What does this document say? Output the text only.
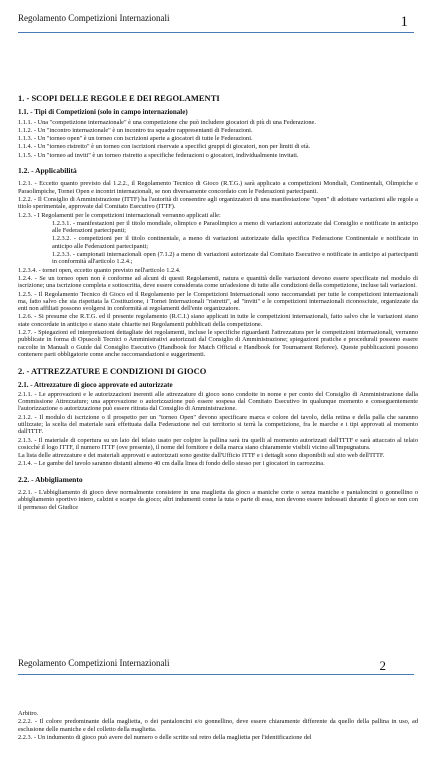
Regolamento Competizioni Internazionali	1
1. - SCOPI DELLE REGOLE E DEI REGOLAMENTI
1.1. - Tipi di Competizioni (solo in campo internazionale)

1.1.1. - Una "competizione internazionale" è una competizione che può includere giocatori di più di una Federazione.

1.1.2. - Un "incontro internazionale" è un incontro tra squadre rappresentanti di Federazioni.

1.1.3. - Un "torneo open" è un torneo con iscrizioni aperte a giocatori di tutte le Federazioni.

1.1.4. - Un "torneo ristretto" è un torneo con iscrizioni riservate a specifici gruppi di giocatori, non per limiti di età.

1.1.5. - Un "torneo ad inviti" è un torneo ristretto a specifiche federazioni o giocatori, individualmente invitati.

1.2. - Applicabilità

1.2.1. - Eccetto quanto previsto dal 1.2.2., il Regolamento Tecnico di Gioco (R.T.G.) sarà applicato a competizioni Mondiali, Continentali, Olimpiche e Paraolimpiche, Tornei Open e incontri internazionali, se non diversamente concordato con le Federazioni partecipanti.

1.2.2. - Il Consiglio di Amministrazione (ITTF) ha l'autorità di consentire agli organizzatori di una manifestazione "open" di adottare variazioni alle regole a titolo sperimentale, approvate dal Comitato Esecutivo (ITTF).

1.2.3. - I Regolamenti per le competizioni internazionali verranno applicati alle:

1.2.3.1. - manifestazioni per il titolo mondiale, olimpico e Paraolimpico a meno di variazioni autorizzate dal Consiglio e notificate in anticipo alle Federazioni partecipanti;

1.2.3.2. - competizioni per il titolo continentale, a meno di variazioni autorizzate dalla specifica Federazione Continentale e notificate in anticipo alle Federazioni partecipanti;

1.2.3.3. - campionati internazionali open (7.1.2) a meno di variazioni autorizzate dal Comitato Esecutivo e notificate in anticipo ai partecipanti in conformità all'articolo 1.2.4.;

1.2.3.4. - tornei open, eccetto quanto previsto nell'articolo 1.2.4.

1.2.4. - Se un torneo open non è conforme ad alcuni di questi Regolamenti, natura e quantità delle variazioni devono essere specificate nel modulo di iscrizione; una iscrizione completa e sottoscritta, deve essere considerata come un'adesione di tutte alle condizioni della competizione, incluse tali variazioni.

1.2.5. - Il Regolamento Tecnico di Gioco ed il Regolamento per le Competizioni Internazionali sono raccomandati per tutte le competizioni internazionali ma, fatto salvo che sia rispettata la Costituzione, i Tornei Internazionali "ristretti", ad "inviti" e le competizioni internazionali riconosciute, organizzate da enti non affiliati possono svolgersi in conformità ai regolamenti dell'ente organizzatore.

1.2.6. - Si presume che R.T.G. ed il presente regolamento (R.C.I.) siano applicati in tutte le competizioni internazionali, fatto salvo che le variazioni siano state concordate in anticipo e siano state chiarite nei Regolamenti pubblicati della competizione.

1.2.7. - Spiegazioni ed interpretazioni dettagliate dei regolamenti, incluse le specifiche riguardanti l'attrezzatura per le competizioni internazionali, verranno pubblicate in forma di Opuscoli Tecnici o Amministrativi autorizzati dal Consiglio di Amministrazione; spiegazioni pratiche e procedurali possono essere raccolte in Manuali o Guide dal Consiglio Esecutivo (Handbook for Match Official e Handbook for Tournament Referee). Queste pubblicazioni possono contenere parti obbligatorie come anche raccomandazioni e suggerimenti.

2. - ATTREZZATURE E CONDIZIONI DI GIOCO
2.1. - Attrezzature di gioco approvate ed autorizzate

2.1.1. - Le approvazioni e le autorizzazioni inerenti alle attrezzature di gioco sono condotte in nome e per conto del Consiglio di Amministrazione dalla Commissione Attrezzature; una approvazione o autorizzazione può essere sospesa dal Comitato Esecutivo in qualunque momento e conseguentemente l'autorizzazione o autorizzazione può essere ritirata dal Consiglio di Amministrazione.

2.1.2. - Il modulo di iscrizione o il prospetto per un "torneo Open" devono specificare marca e colore del tavolo, della retina e della palla che saranno utilizzate; la scelta del materiale sarà effettuata dalla Federazione nel cui territorio si terrà la competizione, fra le marche e i tipi approvati al momento dall'ITTF.

2.1.3. - Il materiale di copertura su un lato del telaio usato per colpire la pallina sarà tra quelli al momento autorizzati dall'ITTF e sarà attaccato al telaio cosicché il logo ITTF, il numero ITTF (ove presente), il nome del fornitore e della marca siano chiaramente visibili vicino all'impugnatura.

La lista delle attrezzature e dei materiali approvati e autorizzati sono gestite dall'Ufficio ITTF e i dettagli sono disponibili sul sito web dell'ITTF.

2.1.4. – Le gambe del tavolo saranno distanti almeno 40 cm dalla linea di fondo dello stesso per i giocatori in carrozzina.

2.2. - Abbigliamento

2.2.1. - L'abbigliamento di gioco deve normalmente consistere in una maglietta da gioco a maniche corte o senza maniche e pantaloncini o gonnellino o abbigliamento sportivo intero, calzini e scarpe da gioco; altri indumenti come la tuta o parte di essa, non devono essere indossati durante il gioco se non con il permesso del Giudice

Regolamento Competizioni Internazionali	2

Arbitro.

2.2.2. - Il colore predominante della maglietta, o dei pantaloncini e/o gonnellino, deve essere chiaramente differente da quello della pallina in uso, ad esclusione delle maniche e del colletto della maglietta.

2.2.3. - Un indumento di gioco può avere del numero o delle scritte sul retro della maglietta per l'identificazione del
